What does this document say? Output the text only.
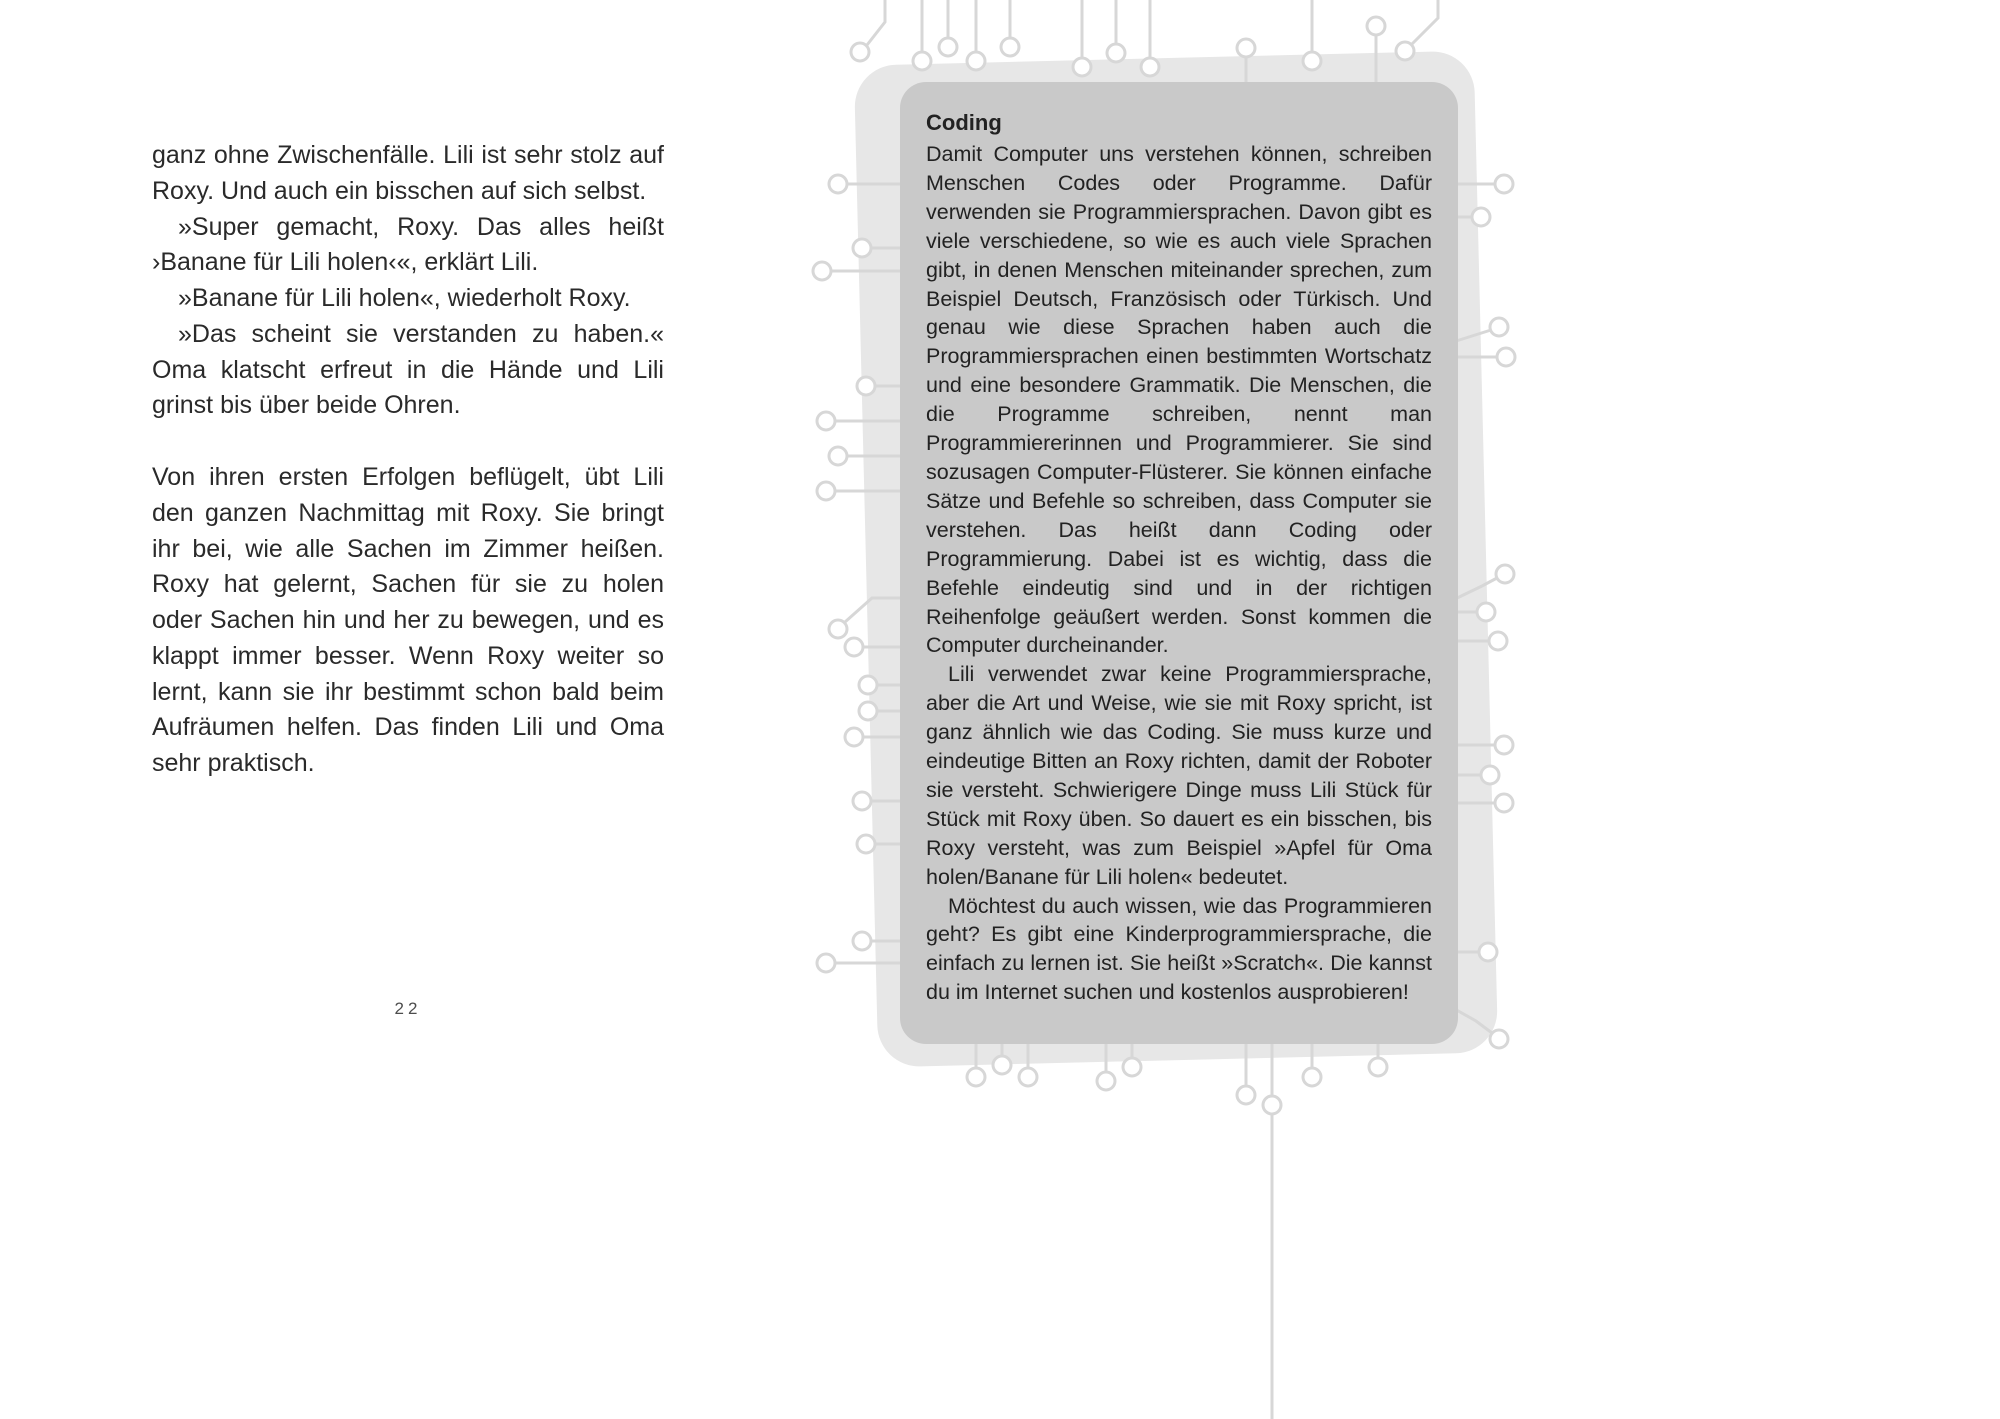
ganz ohne Zwischenfälle. Lili ist sehr stolz auf Roxy. Und auch ein bisschen auf sich selbst.

»Super gemacht, Roxy. Das alles heißt ›Banane für Lili holen‹«, erklärt Lili.

»Banane für Lili holen«, wiederholt Roxy.

»Das scheint sie verstanden zu haben.« Oma klatscht erfreut in die Hände und Lili grinst bis über beide Ohren.

Von ihren ersten Erfolgen beflügelt, übt Lili den ganzen Nachmittag mit Roxy. Sie bringt ihr bei, wie alle Sachen im Zimmer heißen. Roxy hat gelernt, Sachen für sie zu holen oder Sachen hin und her zu bewegen, und es klappt immer besser. Wenn Roxy weiter so lernt, kann sie ihr bestimmt schon bald beim Aufräumen helfen. Das finden Lili und Oma sehr praktisch.

22
Coding

Damit Computer uns verstehen können, schreiben Menschen Codes oder Programme. Dafür verwenden sie Programmiersprachen. Davon gibt es viele verschiedene, so wie es auch viele Sprachen gibt, in denen Menschen miteinander sprechen, zum Beispiel Deutsch, Französisch oder Türkisch. Und genau wie diese Sprachen haben auch die Programmiersprachen einen bestimmten Wortschatz und eine besondere Grammatik. Die Menschen, die die Programme schreiben, nennt man Programmiererinnen und Programmierer. Sie sind sozusagen Computer-Flüsterer. Sie können einfache Sätze und Befehle so schreiben, dass Computer sie verstehen. Das heißt dann Coding oder Programmierung. Dabei ist es wichtig, dass die Befehle eindeutig sind und in der richtigen Reihenfolge geäußert werden. Sonst kommen die Computer durcheinander.

Lili verwendet zwar keine Programmiersprache, aber die Art und Weise, wie sie mit Roxy spricht, ist ganz ähnlich wie das Coding. Sie muss kurze und eindeutige Bitten an Roxy richten, damit der Roboter sie versteht. Schwierigere Dinge muss Lili Stück für Stück mit Roxy üben. So dauert es ein bisschen, bis Roxy versteht, was zum Beispiel »Apfel für Oma holen/Banane für Lili holen« bedeutet.

Möchtest du auch wissen, wie das Programmieren geht? Es gibt eine Kinderprogrammiersprache, die einfach zu lernen ist. Sie heißt »Scratch«. Die kannst du im Internet suchen und kostenlos ausprobieren!
